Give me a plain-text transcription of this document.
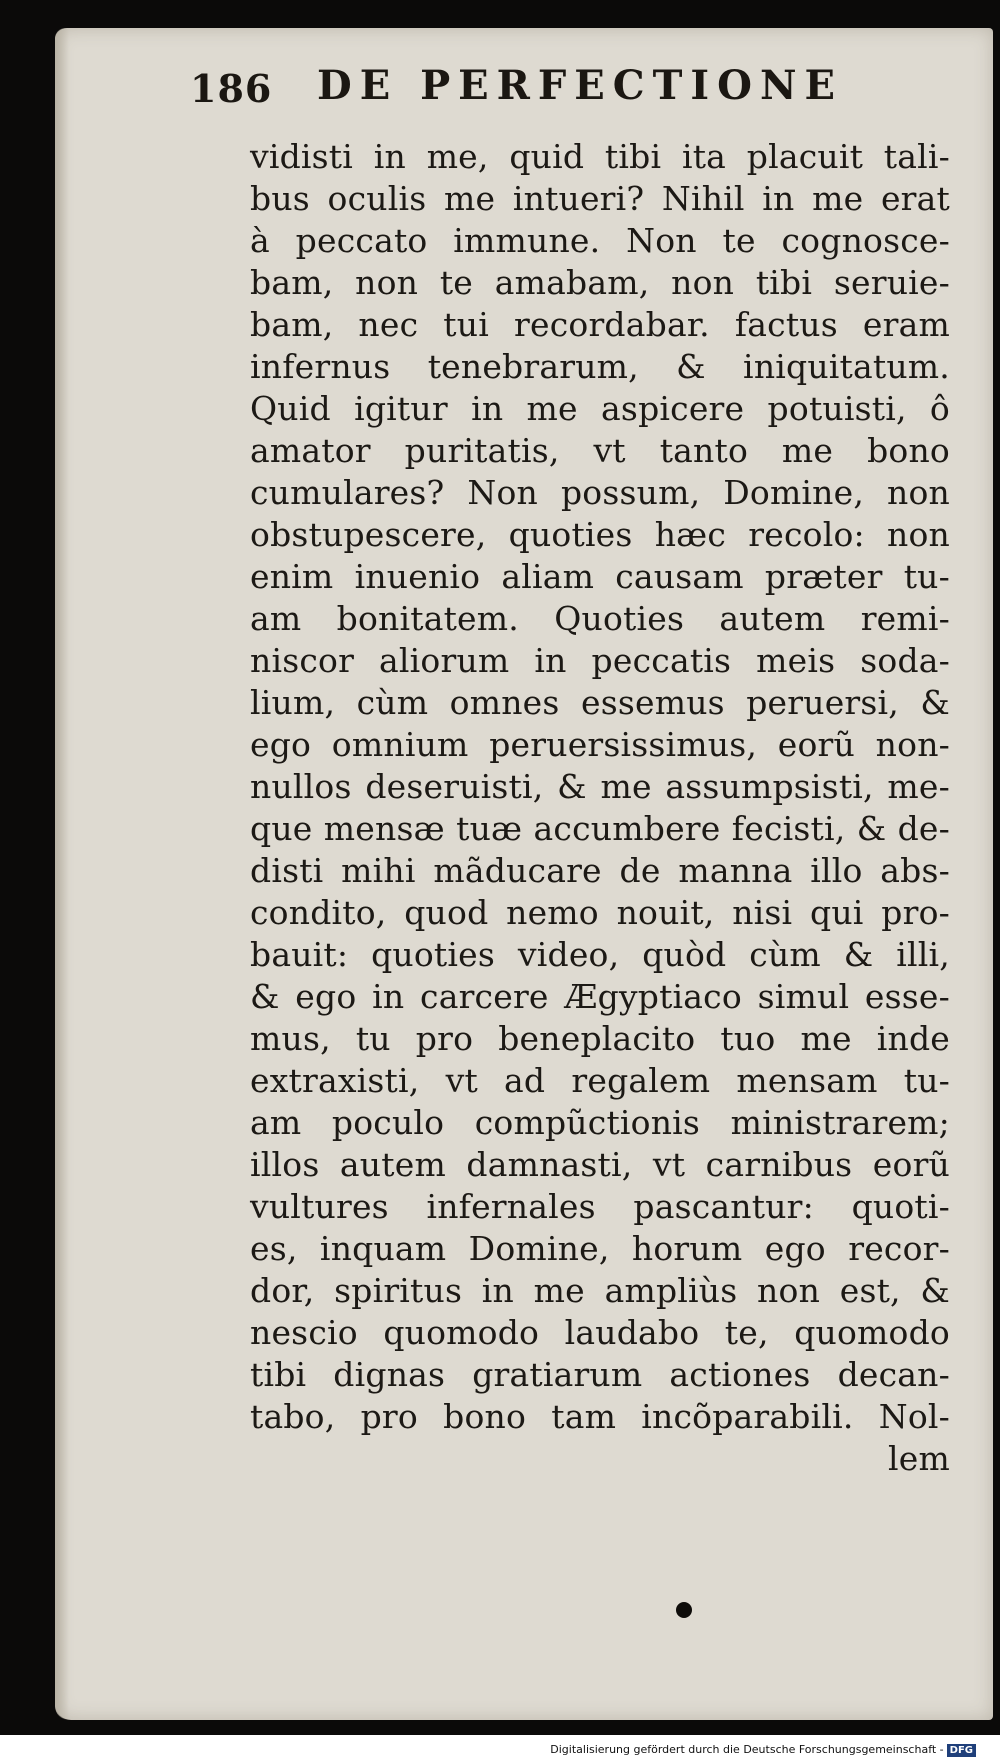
186 DE PERFECTIONE
vidisti in me, quid tibi ita placuit tali-
bus oculis me intueri? Nihil in me erat
à peccato immune. Non te cognosce-
bam, non te amabam, non tibi seruie-
bam, nec tui recordabar. factus eram
infernus tenebrarum, & iniquitatum.
Quid igitur in me aspicere potuisti, ô
amator puritatis, vt tanto me bono
cumulares? Non possum, Domine, non
obstupescere, quoties hæc recolo: non
enim inuenio aliam causam præter tu-
am bonitatem. Quoties autem remi-
niscor aliorum in peccatis meis soda-
lium, cùm omnes essemus peruersi, &
ego omnium peruersissimus, eorũ non-
nullos deseruisti, & me assumpsisti, me-
que mensæ tuæ accumbere fecisti, & de-
disti mihi mãducare de manna illo abs-
condito, quod nemo nouit, nisi qui pro-
bauit: quoties video, quòd cùm & illi,
& ego in carcere Ægyptiaco simul esse-
mus, tu pro beneplacito tuo me inde
extraxisti, vt ad regalem mensam tu-
am poculo compũctionis ministrarem;
illos autem damnasti, vt carnibus eorũ
vultures infernales pascantur: quoti-
es, inquam Domine, horum ego recor-
dor, spiritus in me ampliùs non est, &
nescio quomodo laudabo te, quomodo
tibi dignas gratiarum actiones decan-
tabo, pro bono tam incõparabili. Nol-
lem
Digitalisierung gefördert durch die Deutsche Forschungsgemeinschaft - DFG
